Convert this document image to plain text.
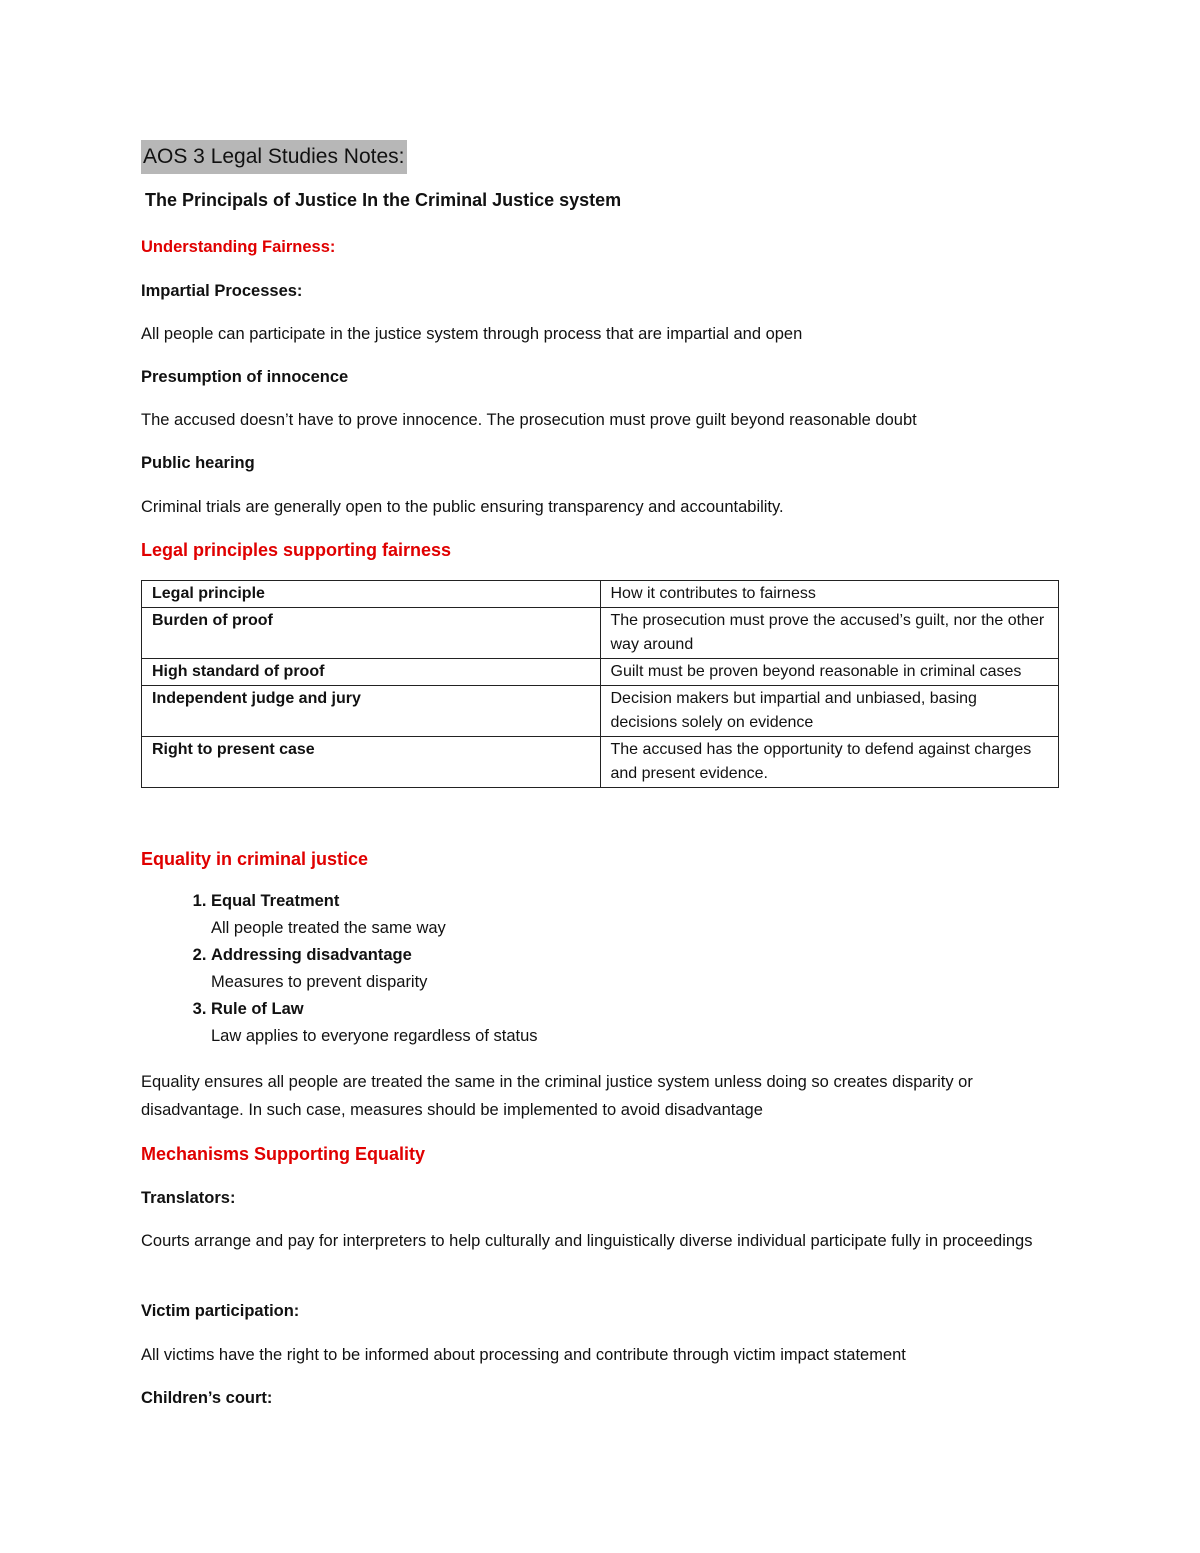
AOS 3 Legal Studies Notes:
The Principals of Justice In the Criminal Justice system
Understanding Fairness:
Impartial Processes:
All people can participate in the justice system through process that are impartial and open
Presumption of innocence
The accused doesn’t have to prove innocence. The prosecution must prove guilt beyond reasonable doubt
Public hearing
Criminal trials are generally open to the public ensuring transparency and accountability.
Legal principles supporting fairness
Legal principle	How it contributes to fairness
Burden of proof	The prosecution must prove the accused’s guilt, nor the other way around
High standard of proof	Guilt must be proven beyond reasonable in criminal cases
Independent judge and jury	Decision makers but impartial and unbiased, basing decisions solely on evidence
Right to present case	The accused has the opportunity to defend against charges and present evidence.
Equality in criminal justice
1. Equal Treatment
All people treated the same way
2. Addressing disadvantage
Measures to prevent disparity
3. Rule of Law
Law applies to everyone regardless of status
Equality ensures all people are treated the same in the criminal justice system unless doing so creates disparity or disadvantage. In such case, measures should be implemented to avoid disadvantage
Mechanisms Supporting Equality
Translators:
Courts arrange and pay for interpreters to help culturally and linguistically diverse individual participate fully in proceedings
Victim participation:
All victims have the right to be informed about processing and contribute through victim impact statement
Children’s court:
